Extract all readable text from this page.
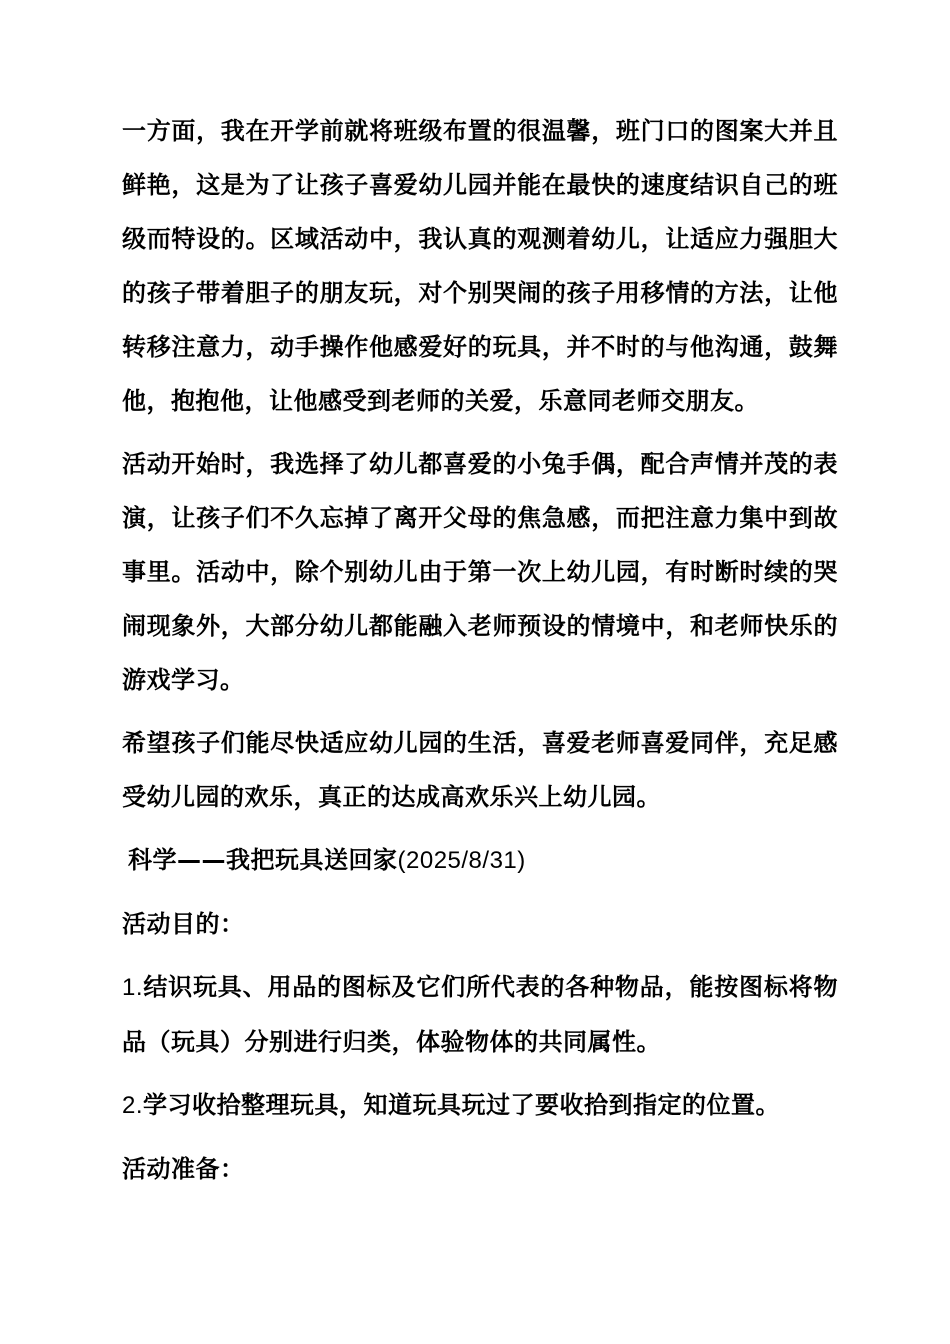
一方面，我在开学前就将班级布置的很温馨，班门口的图案大并且鲜艳，这是为了让孩子喜爱幼儿园并能在最快的速度结识自己的班级而特设的。区域活动中，我认真的观测着幼儿，让适应力强胆大的孩子带着胆子的朋友玩，对个别哭闹的孩子用移情的方法，让他转移注意力，动手操作他感爱好的玩具，并不时的与他沟通，鼓舞他，抱抱他，让他感受到老师的关爱，乐意同老师交朋友。

活动开始时，我选择了幼儿都喜爱的小兔手偶，配合声情并茂的表演，让孩子们不久忘掉了离开父母的焦急感，而把注意力集中到故事里。活动中，除个别幼儿由于第一次上幼儿园，有时断时续的哭闹现象外，大部分幼儿都能融入老师预设的情境中，和老师快乐的游戏学习。

希望孩子们能尽快适应幼儿园的生活，喜爱老师喜爱同伴，充足感受幼儿园的欢乐，真正的达成高欢乐兴上幼儿园。

科学——我把玩具送回家(2025/8/31)

活动目的：

1.结识玩具、用品的图标及它们所代表的各种物品，能按图标将物品（玩具）分别进行归类，体验物体的共同属性。

2.学习收拾整理玩具，知道玩具玩过了要收拾到指定的位置。

活动准备：
